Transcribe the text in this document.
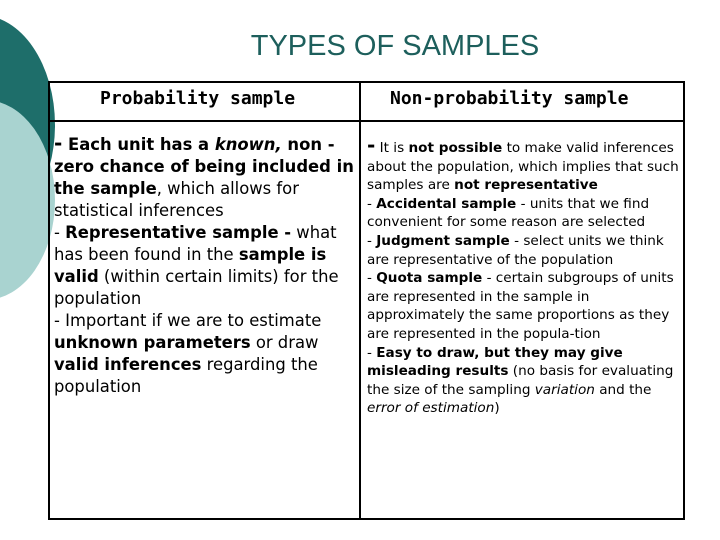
TYPES OF SAMPLES
Probability sample	Non-probability sample

- Each unit has a known, non -zero chance of being included in the sample, which allows for statistical inferences

- Representative sample - what has been found in the sample is valid (within certain limits) for the population

- Important if we are to estimate unknown parameters or draw valid inferences regarding the population

- It is not possible to make valid inferences about the population, which implies that such samples are not representative

- Accidental sample - units that we find convenient for some reason are selected

- Judgment sample - select units we think are representative of the population

- Quota sample - certain subgroups of units are represented in the sample in approximately the same proportions as they are represented in the popula-tion

- Easy to draw, but they may give misleading results (no basis for evaluating the size of the sampling variation and the error of estimation)
